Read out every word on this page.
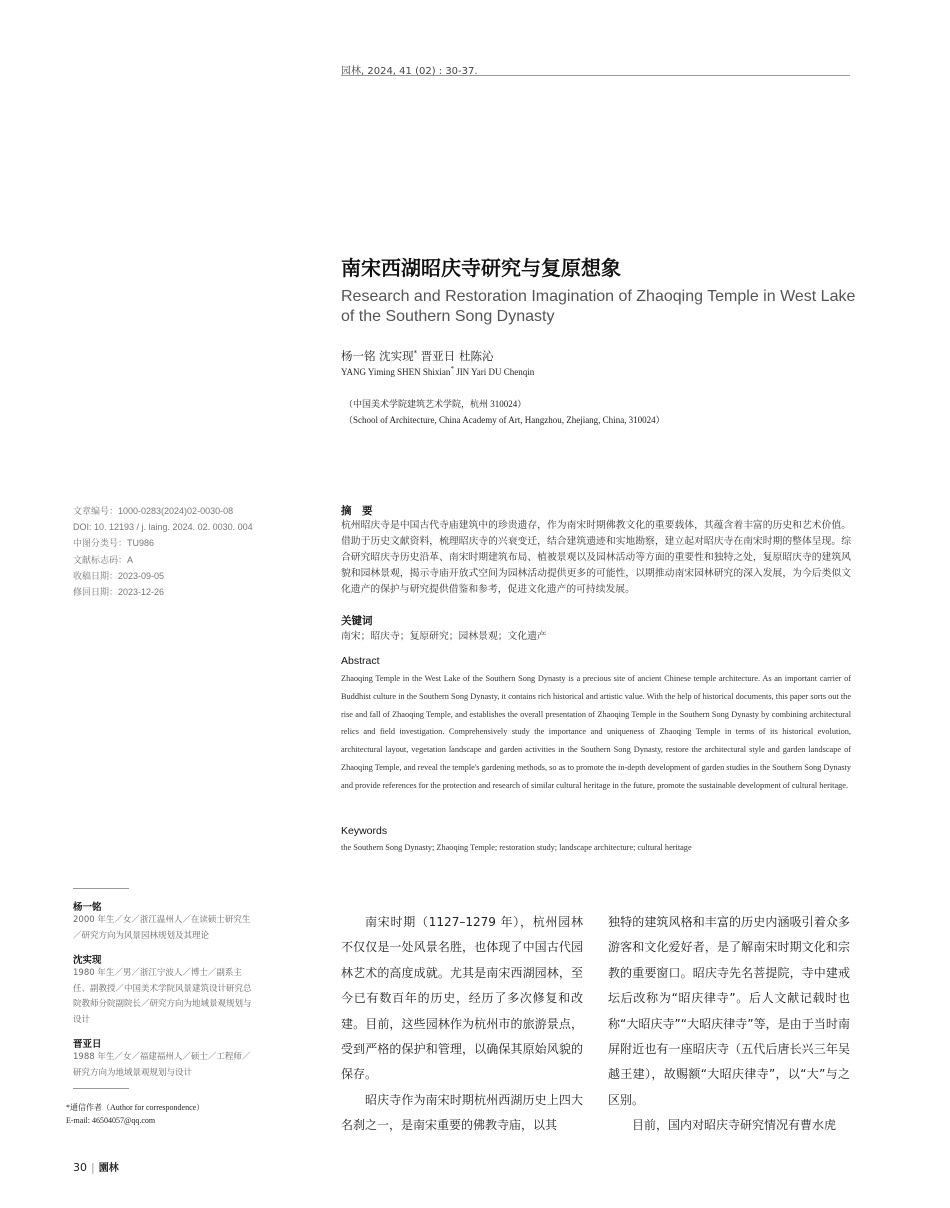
园林, 2024, 41 (02) : 30-37.
南宋西湖昭庆寺研究与复原想象
Research and Restoration Imagination of Zhaoqing Temple in West Lake of the Southern Song Dynasty
杨一铭 沈实现* 晋亚日 杜陈沁
YANG Yiming SHEN Shixian* JIN Yari DU Chenqin
（中国美术学院建筑艺术学院，杭州 310024）
（School of Architecture, China Academy of Art, Hangzhou, Zhejiang, China, 310024）
文章编号：1000-0283(2024)02-0030-08
DOI: 10. 12193 / j. laing. 2024. 02. 0030. 004
中图分类号：TU986
文献标志码：A
收稿日期：2023-09-05
修回日期：2023-12-26
摘　要
杭州昭庆寺是中国古代寺庙建筑中的珍贵遗存，作为南宋时期佛教文化的重要载体，其蕴含着丰富的历史和艺术价值。借助于历史文献资料，梳理昭庆寺的兴衰变迁，结合建筑遗迹和实地勘察，建立起对昭庆寺在南宋时期的整体呈现。综合研究昭庆寺历史沿革、南宋时期建筑布局、植被景观以及园林活动等方面的重要性和独特之处，复原昭庆寺的建筑风貌和园林景观，揭示寺庙开放式空间为园林活动提供更多的可能性，以期推动南宋园林研究的深入发展，为今后类似文化遗产的保护与研究提供借鉴和参考，促进文化遗产的可持续发展。
关键词
南宋；昭庆寺；复原研究；园林景观；文化遗产
Abstract
Zhaoqing Temple in the West Lake of the Southern Song Dynasty is a precious site of ancient Chinese temple architecture. As an important carrier of Buddhist culture in the Southern Song Dynasty, it contains rich historical and artistic value. With the help of historical documents, this paper sorts out the rise and fall of Zhaoqing Temple, and establishes the overall presentation of Zhaoqing Temple in the Southern Song Dynasty by combining architectural relics and field investigation. Comprehensively study the importance and uniqueness of Zhaoqing Temple in terms of its historical evolution, architectural layout, vegetation landscape and garden activities in the Southern Song Dynasty, restore the architectural style and garden landscape of Zhaoqing Temple, and reveal the temple's gardening methods, so as to promote the in-depth development of garden studies in the Southern Song Dynasty and provide references for the protection and research of similar cultural heritage in the future, promote the sustainable development of cultural heritage.
Keywords
the Southern Song Dynasty; Zhaoqing Temple; restoration study; landscape architecture; cultural heritage
杨一铭
2000 年生／女／浙江温州人／在读硕士研究生／研究方向为风景园林规划及其理论
沈实现
1980 年生／男／浙江宁波人／博士／副系主任、副教授／中国美术学院风景建筑设计研究总院教师分院副院长／研究方向为地域景观规划与设计
晋亚日
1988 年生／女／福建福州人／硕士／工程师／研究方向为地域景观规划与设计
*通信作者（Author for correspondence）
E-mail: 46504057@qq.com

南宋时期（1127–1279 年），杭州园林不仅仅是一处风景名胜，也体现了中国古代园林艺术的高度成就。尤其是南宋西湖园林，至今已有数百年的历史，经历了多次修复和改建。目前，这些园林作为杭州市的旅游景点，受到严格的保护和管理，以确保其原始风貌的保存。

昭庆寺作为南宋时期杭州西湖历史上四大名刹之一，是南宋重要的佛教寺庙，以其

独特的建筑风格和丰富的历史内涵吸引着众多游客和文化爱好者，是了解南宋时期文化和宗教的重要窗口。昭庆寺先名菩提院，寺中建戒坛后改称为“昭庆律寺”。后人文献记载时也称“大昭庆寺”“大昭庆律寺”等，是由于当时南屏附近也有一座昭庆寺（五代后唐长兴三年吴越王建），故赐额“大昭庆律寺”，以“大”与之区别。

目前，国内对昭庆寺研究情况有曹水虎

30 | 園林
